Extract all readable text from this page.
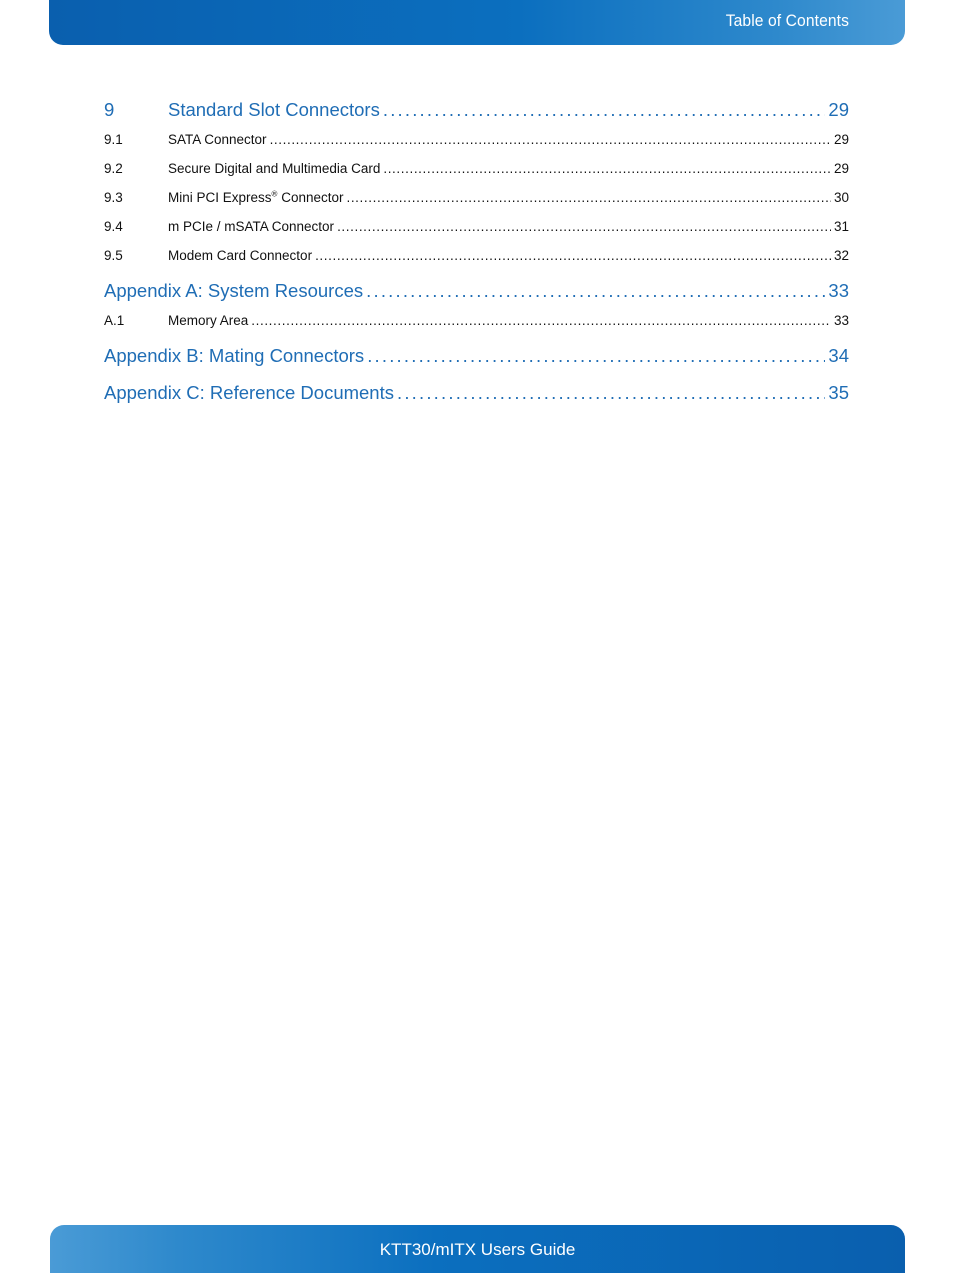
Table of Contents
9	Standard Slot Connectors .....	29
9.1	SATA Connector .....	29
9.2	Secure Digital and Multimedia Card .....	29
9.3	Mini PCI Express® Connector .....	30
9.4	m PCIe / mSATA Connector .....	31
9.5	Modem Card Connector .....	32
Appendix A: System Resources .....	33
A.1	Memory Area .....	33
Appendix B: Mating Connectors .....	34
Appendix C: Reference Documents .....	35
KTT30/mITX Users Guide
